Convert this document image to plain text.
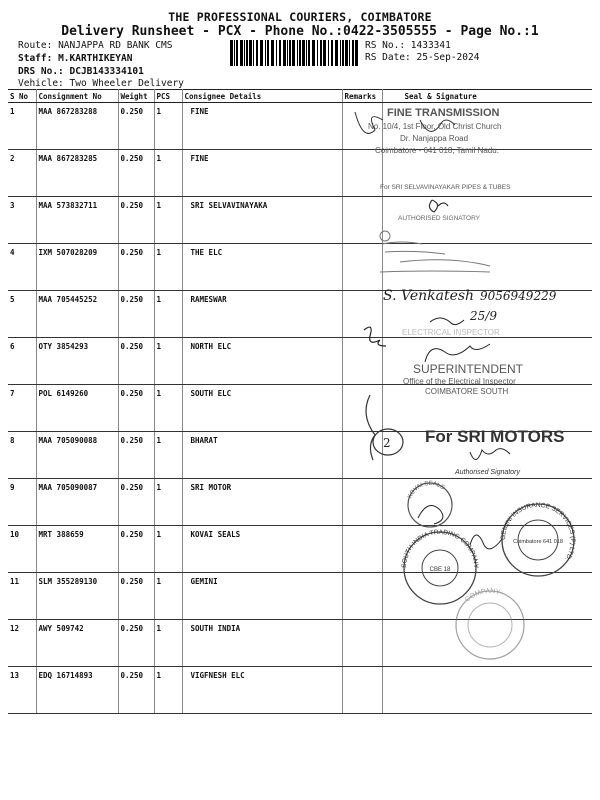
THE PROFESSIONAL COURIERS, COIMBATORE
Delivery Runsheet - PCX - Phone No.:0422-3505555 - Page No.:1
Route: NANJAPPA RD BANK CMS
Staff: M.KARTHIKEYAN
DRS No.: DCJB143334101
Vehicle: Two Wheeler Delivery
RS No.: 1433341
RS Date: 25-Sep-2024
S No	Consignment No	Weight	PCS	Consignee Details	Remarks	Seal & Signature
1	MAA 867283288	0.250	1	FINE		
2	MAA 867283285	0.250	1	FINE		
3	MAA 573832711	0.250	1	SRI SELVAVINAYAKA		
4	IXM 507028209	0.250	1	THE ELC		
5	MAA 705445252	0.250	1	RAMESWAR		
6	OTY 3854293	0.250	1	NORTH ELC		
7	POL 6149260	0.250	1	SOUTH ELC		
8	MAA 705090088	0.250	1	BHARAT		
9	MAA 705090087	0.250	1	SRI MOTOR		
10	MRT 388659	0.250	1	KOVAI SEALS		
11	SLM 355289130	0.250	1	GEMINI		
12	AWY 509742	0.250	1	SOUTH INDIA		
13	EDQ 16714893	0.250	1	VIGFNESH ELC		
FINE TRANSMISSION
No. 10/4, 1st Floor, Old Christ Church
Dr. Nanjappa Road
Coimbatore - 641 018, Tamil Nadu.
For SRI SELVAVINAYAKAR PIPES & TUBES
AUTHORISED SIGNATORY
S. Venkatesh 9056949229
25/9
ELECTRICAL INSPECTOR
SUPERINTENDENT
Office of the Electrical Inspector
COIMBATORE SOUTH
2 For SRI MOTORS
Authorised Signatory
KOVAI SEALS
GEMINI INSURANCE SERVICES (P) LTD.
Coimbatore 641 018
SOUTH INDIA TRADING COMPANY
CBE 18
COMPANY
